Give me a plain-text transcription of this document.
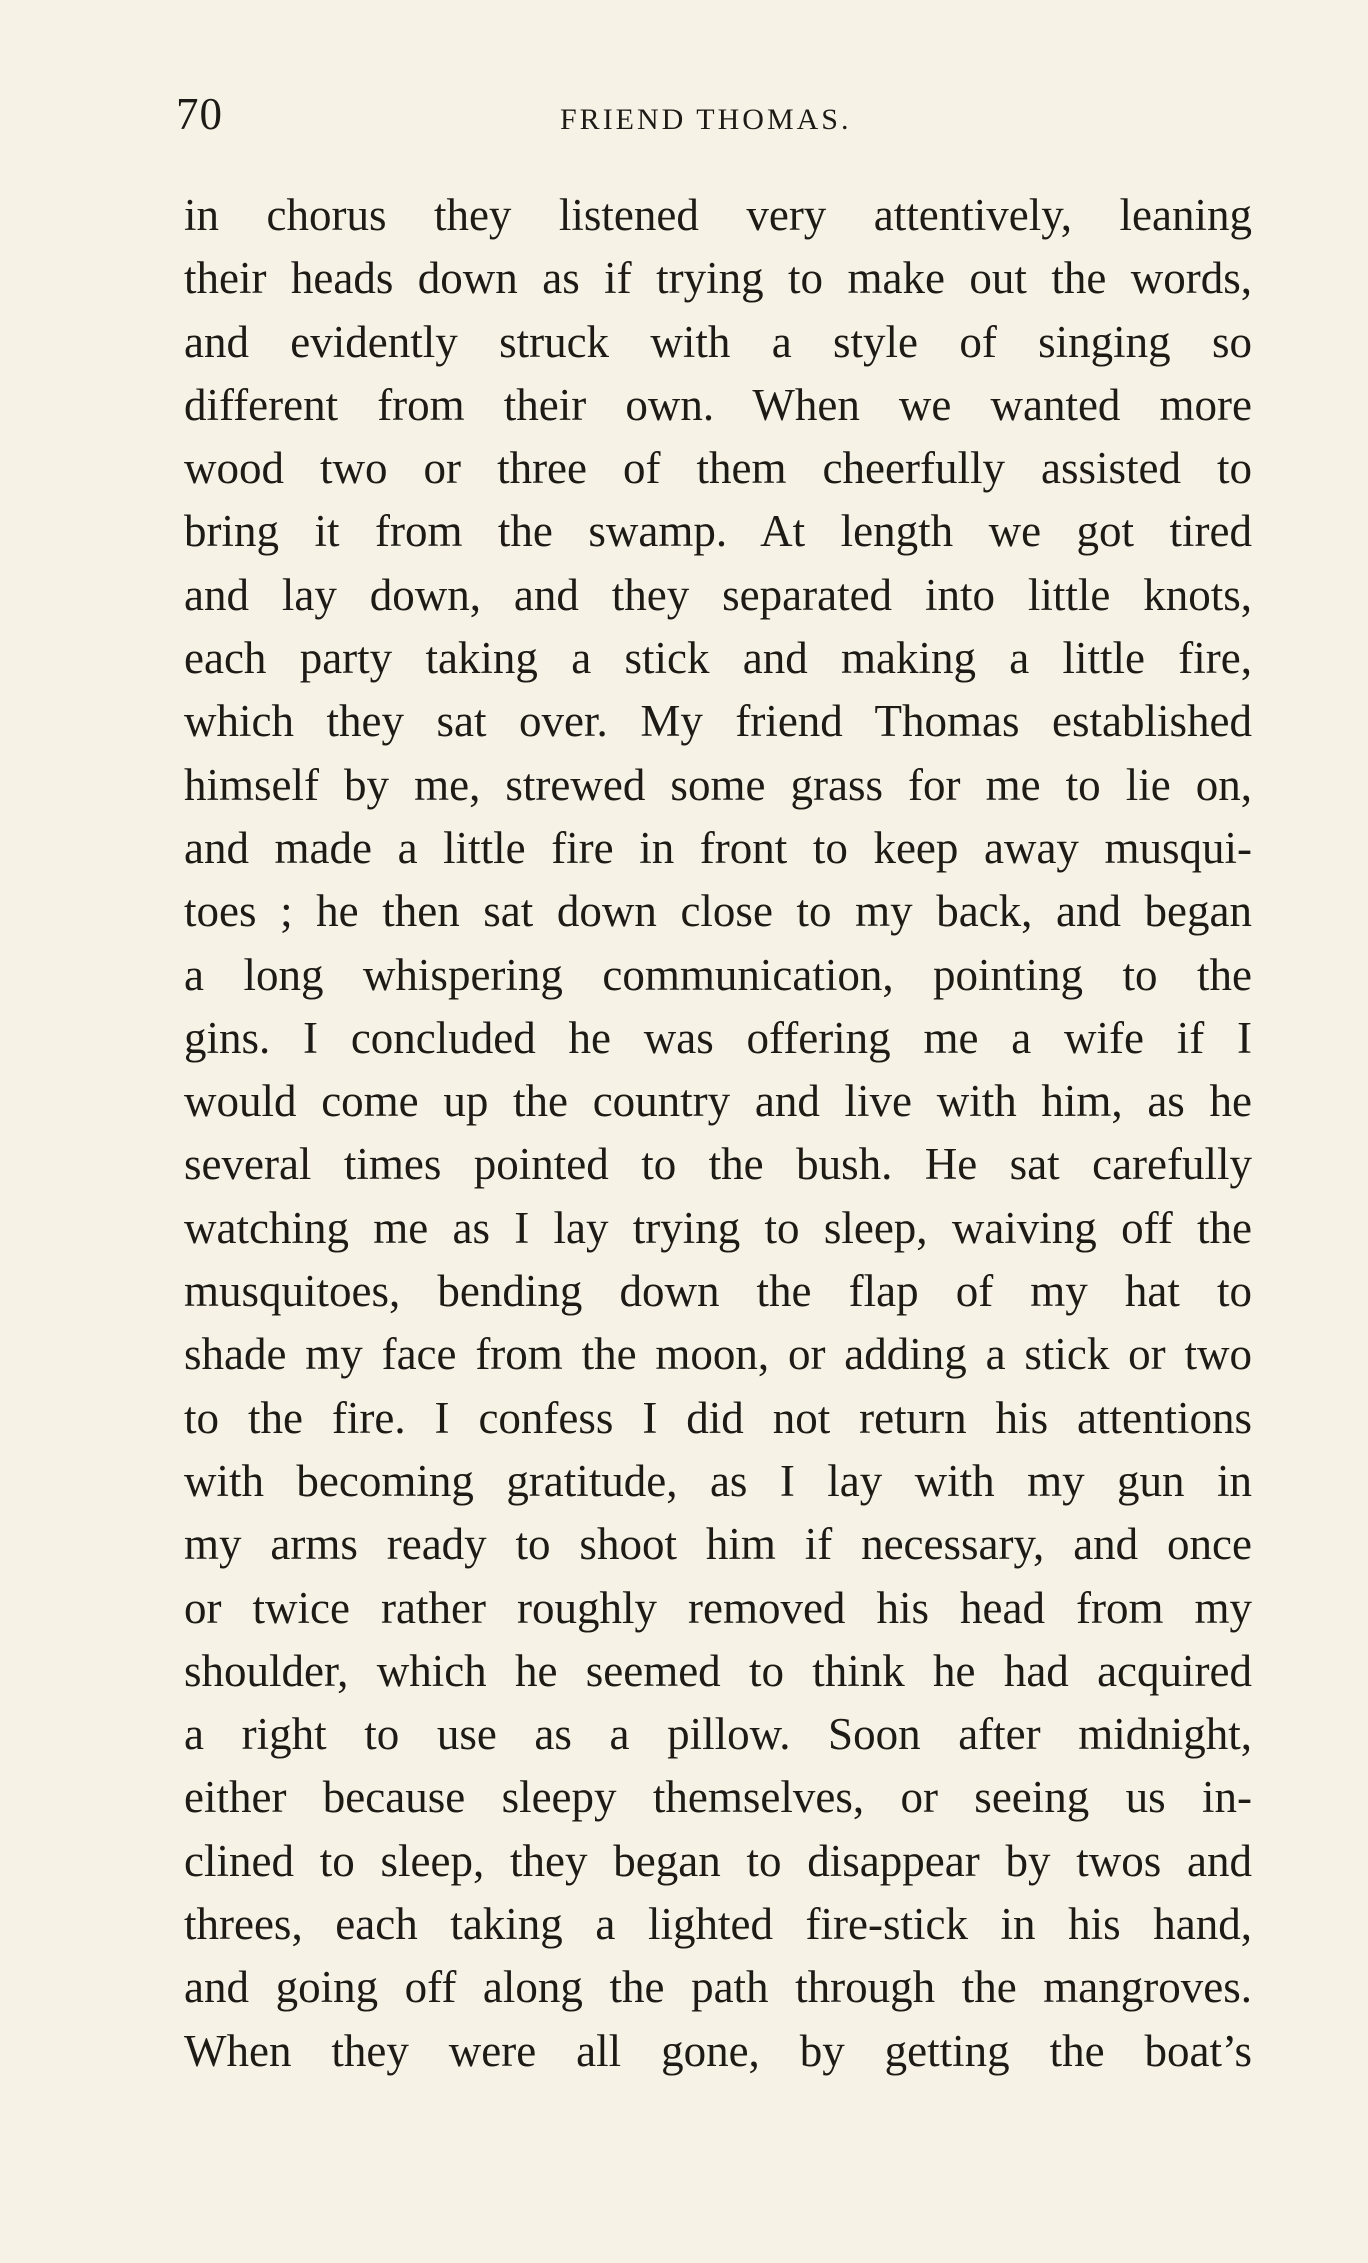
70	FRIEND THOMAS.
in chorus they listened very attentively, leaning
their heads down as if trying to make out the words,
and evidently struck with a style of singing so
different from their own. When we wanted more
wood two or three of them cheerfully assisted to
bring it from the swamp. At length we got tired
and lay down, and they separated into little knots,
each party taking a stick and making a little fire,
which they sat over. My friend Thomas established
himself by me, strewed some grass for me to lie on,
and made a little fire in front to keep away musqui-
toes ; he then sat down close to my back, and began
a long whispering communication, pointing to the
gins. I concluded he was offering me a wife if I
would come up the country and live with him, as he
several times pointed to the bush. He sat carefully
watching me as I lay trying to sleep, waiving off the
musquitoes, bending down the flap of my hat to
shade my face from the moon, or adding a stick or two
to the fire. I confess I did not return his attentions
with becoming gratitude, as I lay with my gun in
my arms ready to shoot him if necessary, and once
or twice rather roughly removed his head from my
shoulder, which he seemed to think he had acquired
a right to use as a pillow. Soon after midnight,
either because sleepy themselves, or seeing us in-
clined to sleep, they began to disappear by twos and
threes, each taking a lighted fire-stick in his hand,
and going off along the path through the mangroves.
When they were all gone, by getting the boat’s
